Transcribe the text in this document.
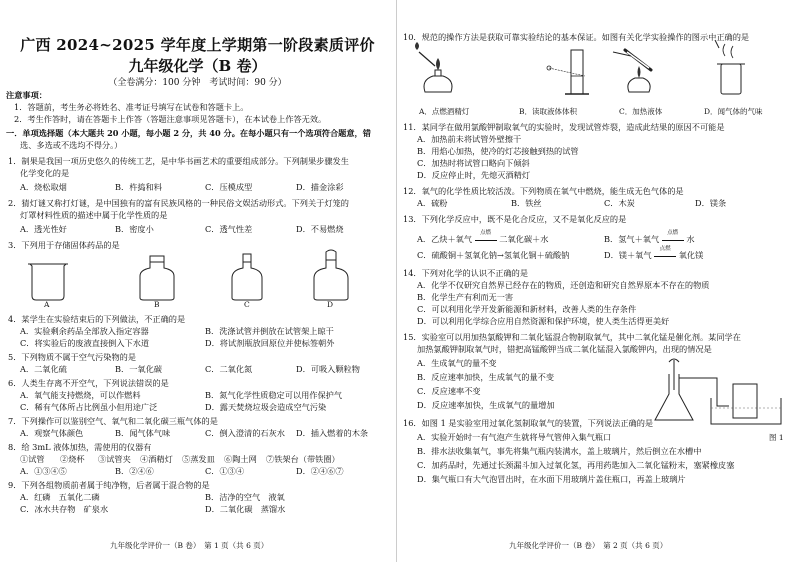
广西 2024~2025 学年度上学期第一阶段素质评价
九年级化学（B 卷）
（全卷满分：100 分钟　考试时间：90 分）
注意事项：
1．答题前，考生务必将姓名、准考证号填写在试卷和答题卡上。
2．考生作答时，请在答题卡上作答（答题注意事项见答题卡），在本试卷上作答无效。
一．单项选择题（本大题共 20 小题，每小题 2 分，共 40 分。在每小题只有一个选项符合题意，错
选、多选或不选均不得分。）
1．制果是我国一项历史悠久的传统工艺，是中华书画艺术的重要组成部分。下列制果步骤发生
化学变化的是
A．烧松取烟	B．杵捣和料	C．压模成型	D．描金涂彩
2．猜灯谜又称打灯谜，是中国独有的富有民族风格的一种民俗文娱活动形式。下列关于灯笼的
灯罩材料性质的描述中属于化学性质的是
A．透光性好	B．密度小	C．透气性差	D．不易燃烧
3．下列用于存储固体药品的是
A	B	C	D
4．某学生在实验结束后的下列做法，不正确的是
A．实验剩余药品全部放入指定容器	B．洗涤试管并倒放在试管架上晾干
C．将实验后的废液直接倒入下水道	D．将试剂瓶放回原位并使标签朝外
5．下列物质不属于空气污染物的是
A．二氧化硫	B．一氧化碳	C．二氧化氮	D．可吸入颗粒物
6．人类生存离不开空气，下列说法错误的是
A．氧气能支持燃烧，可以作燃料	B．氮气化学性质稳定可以用作保护气
C．稀有气体所占比例虽小但用途广泛	D．露天焚烧垃圾会造成空气污染
7．下列操作可以鉴别空气、氧气和二氧化碳三瓶气体的是
A．观察气体颜色	B．闻气体气味	C．倒入澄清的石灰水 D．插入燃着的木条
8．给 3mL 液体加热，需使用的仪器有
①试管 ②烧杯 ③试管夹 ④酒精灯 ⑤蒸发皿 ⑥陶土网 ⑦铁架台（带铁圈）
A．①③④⑤	B．②④⑥	C．①③④	D．②④⑥⑦
9．下列各组物质前者属于纯净物，后者属于混合物的是
A．红磷　五氧化二磷	B．洁净的空气　液氧
C．冰水共存物　矿泉水	D．二氧化碳　蒸馏水
九年级化学评价一（B 卷）　第 1 页（共 6 页）
10．规范的操作方法是获取可靠实验结论的基本保证。如图有关化学实验操作的图示中正确的是
A．点燃酒精灯	B．读取液体体积	C．加热液体	D．闻气体的气味
11．某同学在做用氯酸钾制取氧气的实验时，发现试管炸裂，造成此结果的原因不可能是
A．加热前未将试管外壁擦干
B．用焰心加热，使冷的灯芯接触到热的试管
C．加热时将试管口略向下倾斜
D．反应停止时，先熄灭酒精灯
12．氧气的化学性质比较活泼。下列物质在氧气中燃烧，能生成无色气体的是
A．硫粉	B．铁丝	C．木炭	D．镁条
13．下列化学反应中，既不是化合反应，又不是氧化反应的是
A．乙炔＋氧气
点燃
二氧化碳＋水	B．氢气＋氧气
点燃
水
C．硫酸铜＋氢氧化钠→氢氧化铜＋硫酸钠	D．镁＋氧气
点燃
氧化镁
14．下列对化学的认识不正确的是
A．化学不仅研究自然界已经存在的物质，还创造和研究自然界原本不存在的物质
B．化学生产有利而无一害
C．可以利用化学开发新能源和新材料，改善人类的生存条件
D．可以利用化学综合应用自然资源和保护环境，使人类生活得更美好
15．实验室可以用加热氯酸钾和二氧化锰混合物制取氧气，其中二氧化锰是催化剂。某同学在
加热氯酸钾制取氧气时，错把高锰酸钾当成二氧化锰混入氯酸钾内，出现的情况是
A．生成氧气的量不变
B．反应速率加快，生成氧气的量不变
C．反应速率不变
D．反应速率加快，生成氧气的量增加
图 1
16．如图 1 是实验室用过氧化氢制取氧气的装置，下列说法正确的是
A．实验开始时一有气泡产生就将导气管伸入集气瓶口
B．排水法收集氧气，事先将集气瓶内装满水，盖上玻璃片，然后倒立在水槽中
C．加药品时，先通过长颈漏斗加入过氧化氢，再用药匙加入二氧化锰粉末，塞紧橡皮塞
D．集气瓶口有大气泡冒出时，在水面下用玻璃片盖住瓶口，再盖上玻璃片
九年级化学评价一（B 卷）　第 2 页（共 6 页）
